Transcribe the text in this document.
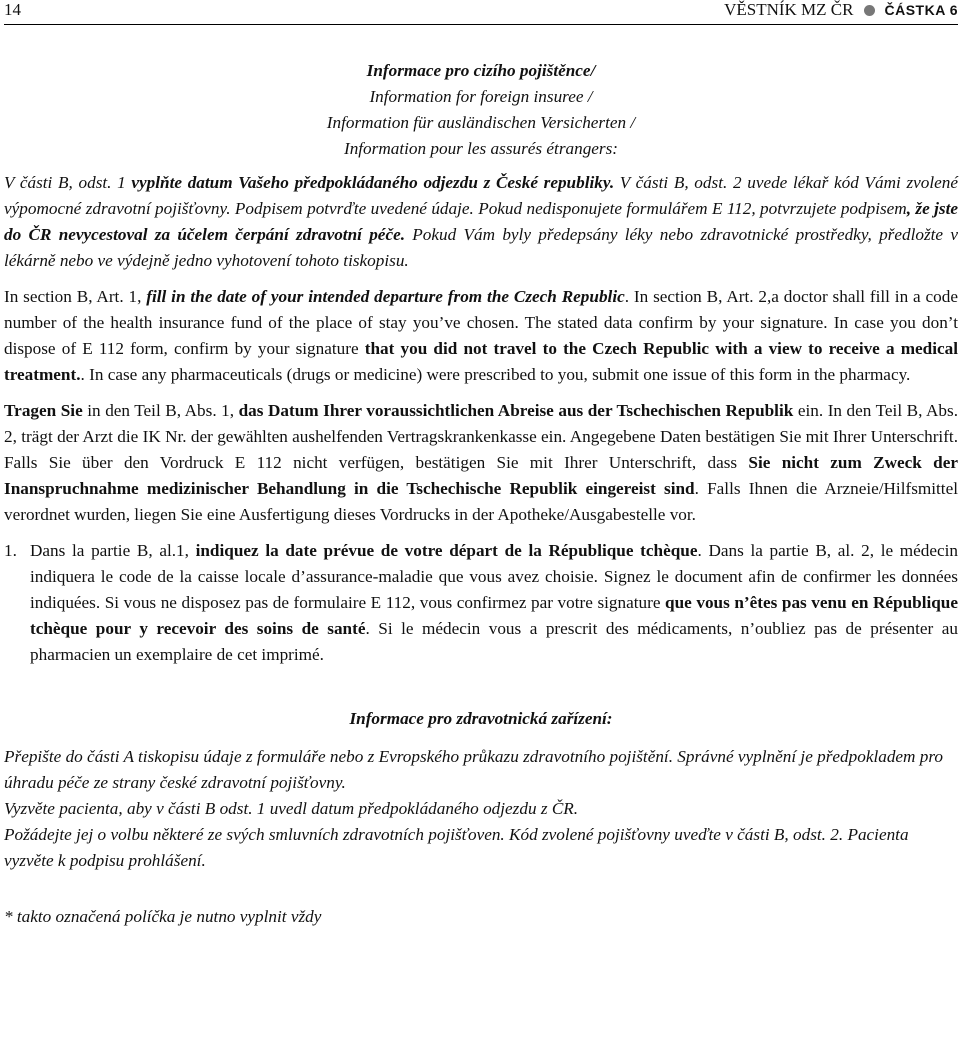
14	VĚSTNÍK MZ ČR ČÁSTKA 6
Informace pro cizího pojištěnce/
Information for foreign insuree /
Information für ausländischen Versicherten /
Information pour les assurés étrangers:
V části B, odst. 1 vyplňte datum Vašeho předpokládaného odjezdu z České republiky. V části B, odst. 2 uvede lékař kód Vámi zvolené výpomocné zdravotní pojišťovny. Podpisem potvrďte uvedené údaje. Pokud nedisponujete formulářem E 112, potvrzujete podpisem, že jste do ČR nevycestoval za účelem čerpání zdravotní péče. Pokud Vám byly předepsány léky nebo zdravotnické prostředky, předložte v lékárně nebo ve výdejně jedno vyhotovení tohoto tiskopisu.
In section B, Art. 1, fill in the date of your intended departure from the Czech Republic. In section B, Art. 2,a doctor shall fill in a code number of the health insurance fund of the place of stay you’ve chosen. The stated data confirm by your signature. In case you don’t dispose of E 112 form, confirm by your signature that you did not travel to the Czech Republic with a view to receive a medical treatment.. In case any pharmaceuticals (drugs or medicine) were prescribed to you, submit one issue of this form in the pharmacy.
Tragen Sie in den Teil B, Abs. 1, das Datum Ihrer voraussichtlichen Abreise aus der Tschechischen Republik ein. In den Teil B, Abs. 2, trägt der Arzt die IK Nr. der gewählten aushelfenden Vertragskrankenkasse ein. Angegebene Daten bestätigen Sie mit Ihrer Unterschrift. Falls Sie über den Vordruck E 112 nicht verfügen, bestätigen Sie mit Ihrer Unterschrift, dass Sie nicht zum Zweck der Inanspruchnahme medizinischer Behandlung in die Tschechische Republik eingereist sind. Falls Ihnen die Arzneie/Hilfsmittel verordnet wurden, liegen Sie eine Ausfertigung dieses Vordrucks in der Apotheke/Ausgabestelle vor.
1. Dans la partie B, al.1, indiquez la date prévue de votre départ de la République tchèque. Dans la partie B, al. 2, le médecin indiquera le code de la caisse locale d’assurance-maladie que vous avez choisie. Signez le document afin de confirmer les données indiquées. Si vous ne disposez pas de formulaire E 112, vous confirmez par votre signature que vous n’êtes pas venu en République tchèque pour y recevoir des soins de santé. Si le médecin vous a prescrit des médicaments, n’oubliez pas de présenter au pharmacien un exemplaire de cet imprimé.
Informace pro zdravotnická zařízení:
Přepište do části A tiskopisu údaje z formuláře nebo z Evropského průkazu zdravotního pojištění. Správné vyplnění je předpokladem pro úhradu péče ze strany české zdravotní pojišťovny.
Vyzvěte pacienta, aby v části B odst. 1 uvedl datum předpokládaného odjezdu z ČR.
Požádejte jej o volbu některé ze svých smluvních zdravotních pojišťoven. Kód zvolené pojišťovny uveďte v části B, odst. 2. Pacienta vyzvěte k podpisu prohlášení.
* takto označená políčka je nutno vyplnit vždy
